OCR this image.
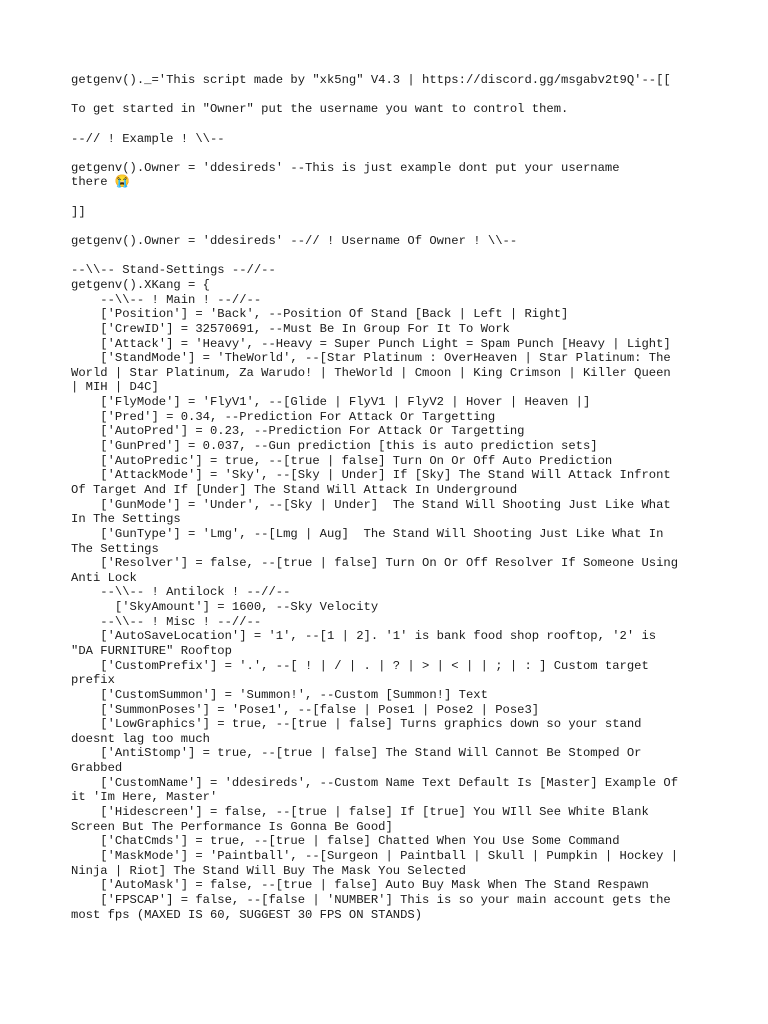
getgenv()._='This script made by "xk5ng" V4.3 | https://discord.gg/msgabv2t9Q'--[[
To get started in "Owner" put the username you want to control them.
--// ! Example ! \\--
getgenv().Owner = 'ddesireds' --This is just example dont put your username
there 😭
]]
getgenv().Owner = 'ddesireds' --// ! Username Of Owner ! \\--
--\\-- Stand-Settings --//--
getgenv().XKang = {
--\\-- ! Main ! --//--
['Position'] = 'Back', --Position Of Stand [Back | Left | Right]
['CrewID'] = 32570691, --Must Be In Group For It To Work
['Attack'] = 'Heavy', --Heavy = Super Punch Light = Spam Punch [Heavy | Light]
['StandMode'] = 'TheWorld', --[Star Platinum : OverHeaven | Star Platinum: The
World | Star Platinum, Za Warudo! | TheWorld | Cmoon | King Crimson | Killer Queen
| MIH | D4C]
['FlyMode'] = 'FlyV1', --[Glide | FlyV1 | FlyV2 | Hover | Heaven |]
['Pred'] = 0.34, --Prediction For Attack Or Targetting
['AutoPred'] = 0.23, --Prediction For Attack Or Targetting
['GunPred'] = 0.037, --Gun prediction [this is auto prediction sets]
['AutoPredic'] = true, --[true | false] Turn On Or Off Auto Prediction
['AttackMode'] = 'Sky', --[Sky | Under] If [Sky] The Stand Will Attack Infront
Of Target And If [Under] The Stand Will Attack In Underground
['GunMode'] = 'Under', --[Sky | Under]  The Stand Will Shooting Just Like What
In The Settings
['GunType'] = 'Lmg', --[Lmg | Aug]  The Stand Will Shooting Just Like What In
The Settings
['Resolver'] = false, --[true | false] Turn On Or Off Resolver If Someone Using
Anti Lock
--\\-- ! Antilock ! --//--
['SkyAmount'] = 1600, --Sky Velocity
--\\-- ! Misc ! --//--
['AutoSaveLocation'] = '1', --[1 | 2]. '1' is bank food shop rooftop, '2' is
"DA FURNITURE" Rooftop
['CustomPrefix'] = '.', --[ ! | / | . | ? | > | < | | ; | : ] Custom target
prefix
['CustomSummon'] = 'Summon!', --Custom [Summon!] Text
['SummonPoses'] = 'Pose1', --[false | Pose1 | Pose2 | Pose3]
['LowGraphics'] = true, --[true | false] Turns graphics down so your stand
doesnt lag too much
['AntiStomp'] = true, --[true | false] The Stand Will Cannot Be Stomped Or
Grabbed
['CustomName'] = 'ddesireds', --Custom Name Text Default Is [Master] Example Of
it 'Im Here, Master'
['Hidescreen'] = false, --[true | false] If [true] You WIll See White Blank
Screen But The Performance Is Gonna Be Good]
['ChatCmds'] = true, --[true | false] Chatted When You Use Some Command
['MaskMode'] = 'Paintball', --[Surgeon | Paintball | Skull | Pumpkin | Hockey |
Ninja | Riot] The Stand Will Buy The Mask You Selected
['AutoMask'] = false, --[true | false] Auto Buy Mask When The Stand Respawn
['FPSCAP'] = false, --[false | 'NUMBER'] This is so your main account gets the
most fps (MAXED IS 60, SUGGEST 30 FPS ON STANDS)
